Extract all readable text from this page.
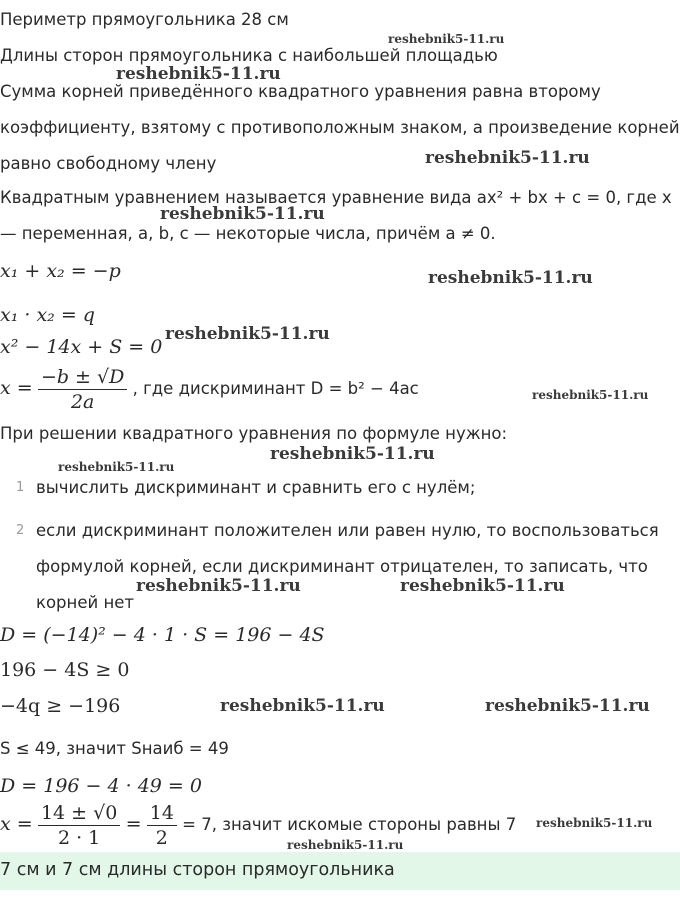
Периметр прямоугольника 28 см
Длины сторон прямоугольника с наибольшей площадью
Сумма корней приведённого квадратного уравнения равна второму
коэффициенту, взятому с противоположным знаком, а произведение корней
равно свободному члену
Квадратным уравнением называется уравнение вида ax² + bx + c = 0, где x
— переменная, a, b, c — некоторые числа, причём a ≠ 0.
x₁ + x₂ = −p
x₁ · x₂ = q
x² − 14x + S = 0
$x = \frac{-b \pm √D}{2a}$ , где дискриминант D = b² − 4ac
При решении квадратного уравнения по формуле нужно:
1 вычислить дискриминант и сравнить его с нулём;
2 если дискриминант положителен или равен нулю, то воспользоваться
формулой корней, если дискриминант отрицателен, то записать, что
корней нет
D = (−14)² − 4 · 1 · S = 196 − 4S
196 − 4S ≥ 0
−4q ≥ −196
S ≤ 49, значит Sнаиб = 49
D = 196 − 4 · 49 = 0
$x = \frac{14 \pm √0}{2 \cdot 1} = \frac{14}{2} = 7$, значит искомые стороны равны 7
7 см и 7 см длины сторон прямоугольника
reshebnik5-11.ru
reshebnik5-11.ru
reshebnik5-11.ru
reshebnik5-11.ru
reshebnik5-11.ru
reshebnik5-11.ru
reshebnik5-11.ru
reshebnik5-11.ru
reshebnik5-11.ru
reshebnik5-11.ru	reshebnik5-11.ru
reshebnik5-11.ru	reshebnik5-11.ru
reshebnik5-11.ru
reshebnik5-11.ru
